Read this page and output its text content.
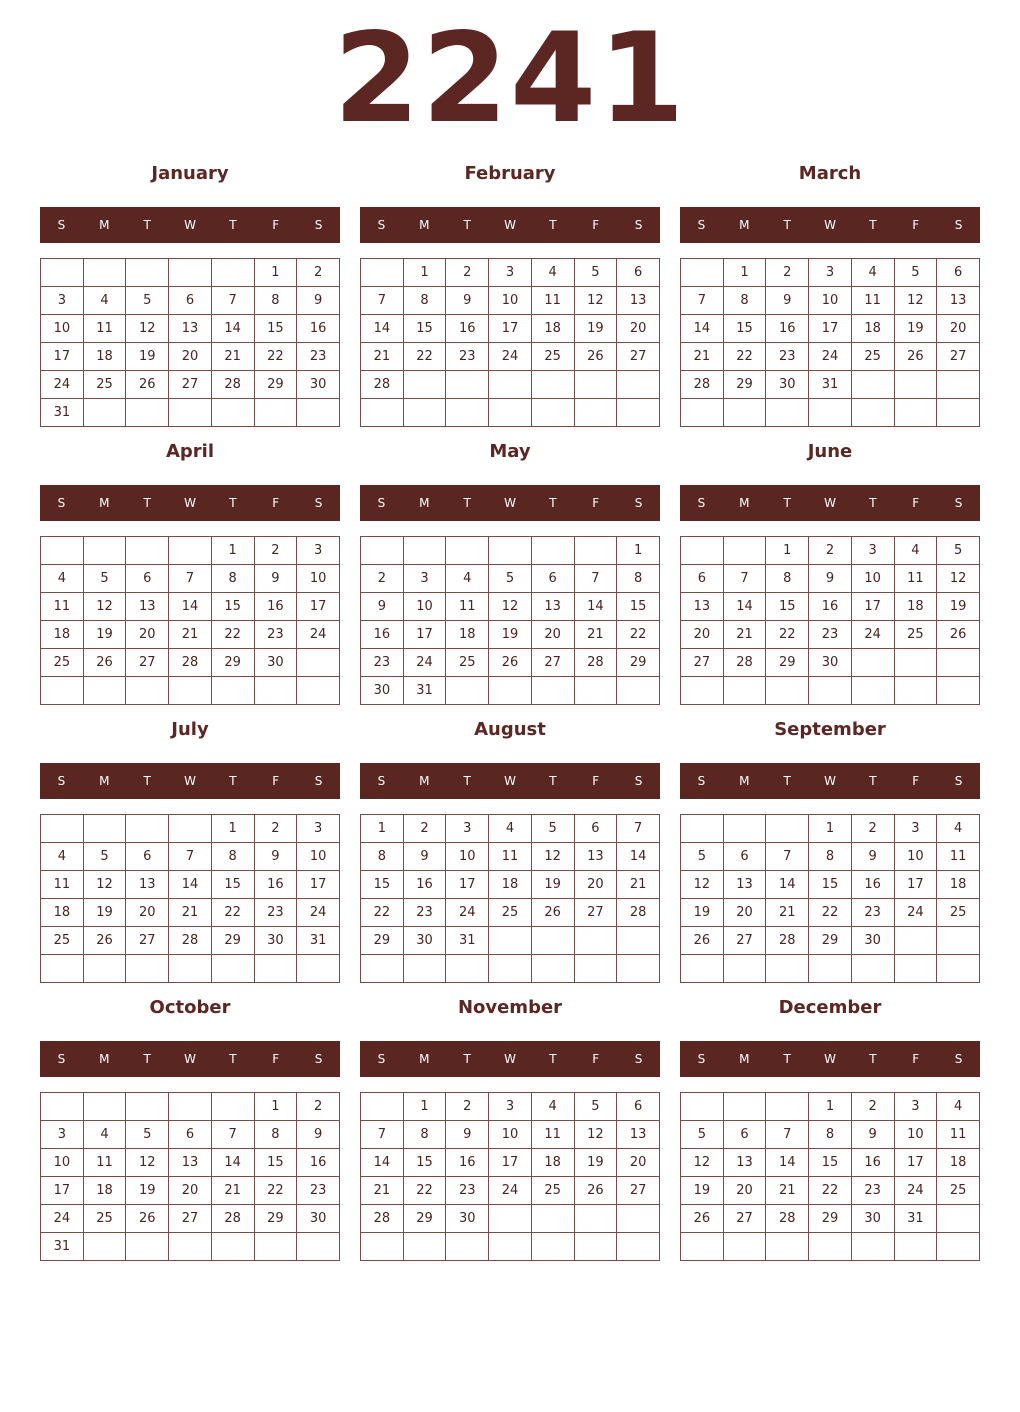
2241
January
S	M	T	W	T	F	S
					1	2
3	4	5	6	7	8	9
10	11	12	13	14	15	16
17	18	19	20	21	22	23
24	25	26	27	28	29	30
31						
February
S	M	T	W	T	F	S
	1	2	3	4	5	6
7	8	9	10	11	12	13
14	15	16	17	18	19	20
21	22	23	24	25	26	27
28						

March
S	M	T	W	T	F	S
	1	2	3	4	5	6
7	8	9	10	11	12	13
14	15	16	17	18	19	20
21	22	23	24	25	26	27
28	29	30	31			

April
S	M	T	W	T	F	S
				1	2	3
4	5	6	7	8	9	10
11	12	13	14	15	16	17
18	19	20	21	22	23	24
25	26	27	28	29	30	

May
S	M	T	W	T	F	S
						1
2	3	4	5	6	7	8
9	10	11	12	13	14	15
16	17	18	19	20	21	22
23	24	25	26	27	28	29
30	31					
June
S	M	T	W	T	F	S
		1	2	3	4	5
6	7	8	9	10	11	12
13	14	15	16	17	18	19
20	21	22	23	24	25	26
27	28	29	30			

July
S	M	T	W	T	F	S
				1	2	3
4	5	6	7	8	9	10
11	12	13	14	15	16	17
18	19	20	21	22	23	24
25	26	27	28	29	30	31

August
S	M	T	W	T	F	S
1	2	3	4	5	6	7
8	9	10	11	12	13	14
15	16	17	18	19	20	21
22	23	24	25	26	27	28
29	30	31				

September
S	M	T	W	T	F	S
			1	2	3	4
5	6	7	8	9	10	11
12	13	14	15	16	17	18
19	20	21	22	23	24	25
26	27	28	29	30		

October
S	M	T	W	T	F	S
					1	2
3	4	5	6	7	8	9
10	11	12	13	14	15	16
17	18	19	20	21	22	23
24	25	26	27	28	29	30
31						
November
S	M	T	W	T	F	S
	1	2	3	4	5	6
7	8	9	10	11	12	13
14	15	16	17	18	19	20
21	22	23	24	25	26	27
28	29	30				

December
S	M	T	W	T	F	S
			1	2	3	4
5	6	7	8	9	10	11
12	13	14	15	16	17	18
19	20	21	22	23	24	25
26	27	28	29	30	31	
